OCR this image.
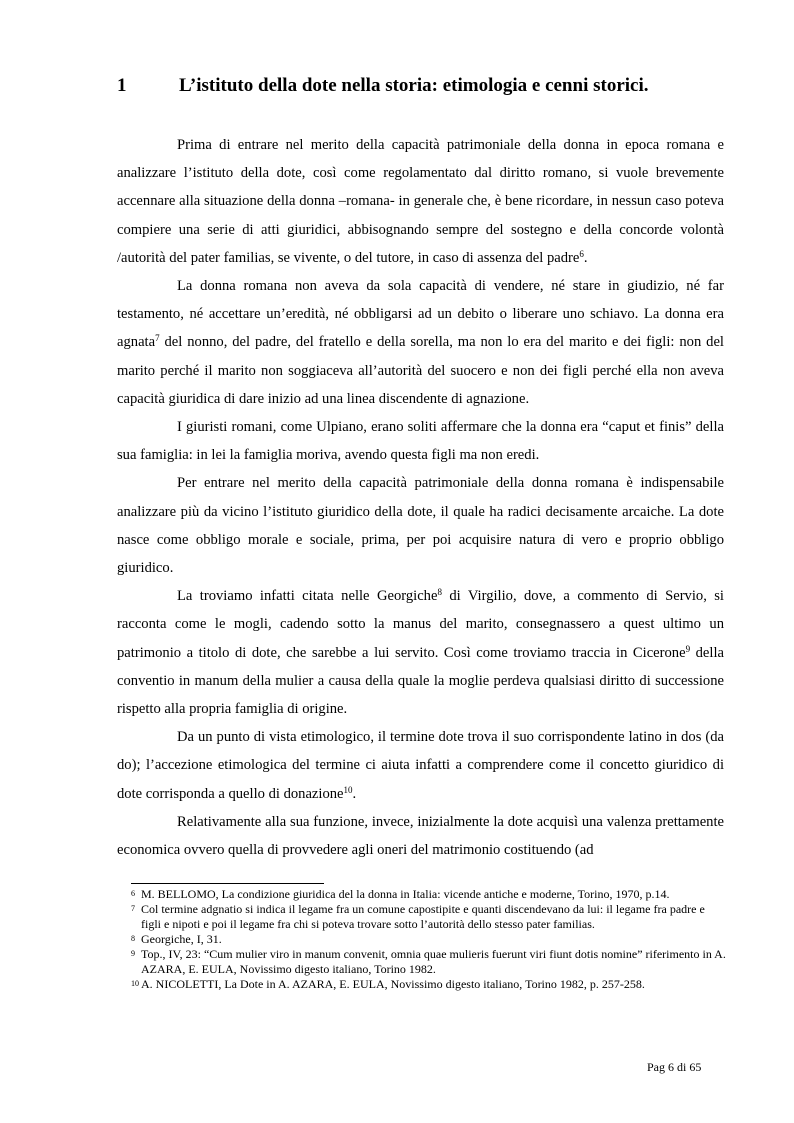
1	L’istituto della dote nella storia: etimologia e cenni storici.

Prima di entrare nel merito della capacità patrimoniale della donna in epoca romana e analizzare l’istituto della dote, così come regolamentato dal diritto romano, si vuole brevemente accennare alla situazione della donna –romana- in generale che, è bene ricordare, in nessun caso poteva compiere una serie di atti giuridici, abbisognando sempre del sostegno e della concorde volontà /autorità del pater familias, se vivente, o del tutore, in caso di assenza del padre$^6$.

La donna romana non aveva da sola capacità di vendere, né stare in giudizio, né far testamento, né accettare un’eredità, né obbligarsi ad un debito o liberare uno schiavo. La donna era agnata$^7$ del nonno, del padre, del fratello e della sorella, ma non lo era del marito e dei figli: non del marito perché il marito non soggiaceva all’autorità del suocero e non dei figli perché ella non aveva capacità giuridica di dare inizio ad una linea discendente di agnazione.

I giuristi romani, come Ulpiano, erano soliti affermare che la donna era “caput et finis” della sua famiglia: in lei la famiglia moriva, avendo questa figli ma non eredi.

Per entrare nel merito della capacità patrimoniale della donna romana è indispensabile analizzare più da vicino l’istituto giuridico della dote, il quale ha radici decisamente arcaiche. La dote nasce come obbligo morale e sociale, prima, per poi acquisire natura di vero e proprio obbligo giuridico.

La troviamo infatti citata nelle Georgiche$^8$ di Virgilio, dove, a commento di Servio, si racconta come le mogli, cadendo sotto la manus del marito, consegnassero a quest ultimo un patrimonio a titolo di dote, che sarebbe a lui servito. Così come troviamo traccia in Cicerone$^9$ della conventio in manum della mulier a causa della quale la moglie perdeva qualsiasi diritto di successione rispetto alla propria famiglia di origine.

Da un punto di vista etimologico, il termine dote trova il suo corrispondente latino in dos (da do); l’accezione etimologica del termine ci aiuta infatti a comprendere come il concetto giuridico di dote corrisponda a quello di donazione$^{10}$.

Relativamente alla sua funzione, invece, inizialmente la dote acquisì una valenza prettamente economica ovvero quella di provvedere agli oneri del matrimonio costituendo (ad

6 M. BELLOMO, La condizione giuridica del la donna in Italia: vicende antiche e moderne, Torino, 1970, p.14.
7 Col termine adgnatio si indica il legame fra un comune capostipite e quanti discendevano da lui: il legame fra padre e figli e nipoti e poi il legame fra chi si poteva trovare sotto l’autorità dello stesso pater familias.
8 Georgiche, I, 31.
9 Top., IV, 23: “Cum mulier viro in manum convenit, omnia quae mulieris fuerunt viri fiunt dotis nomine” riferimento in A. AZARA, E. EULA, Novissimo digesto italiano, Torino 1982.
10 A. NICOLETTI, La Dote in A. AZARA, E. EULA, Novissimo digesto italiano, Torino 1982, p. 257-258.
Pag 6 di 65
